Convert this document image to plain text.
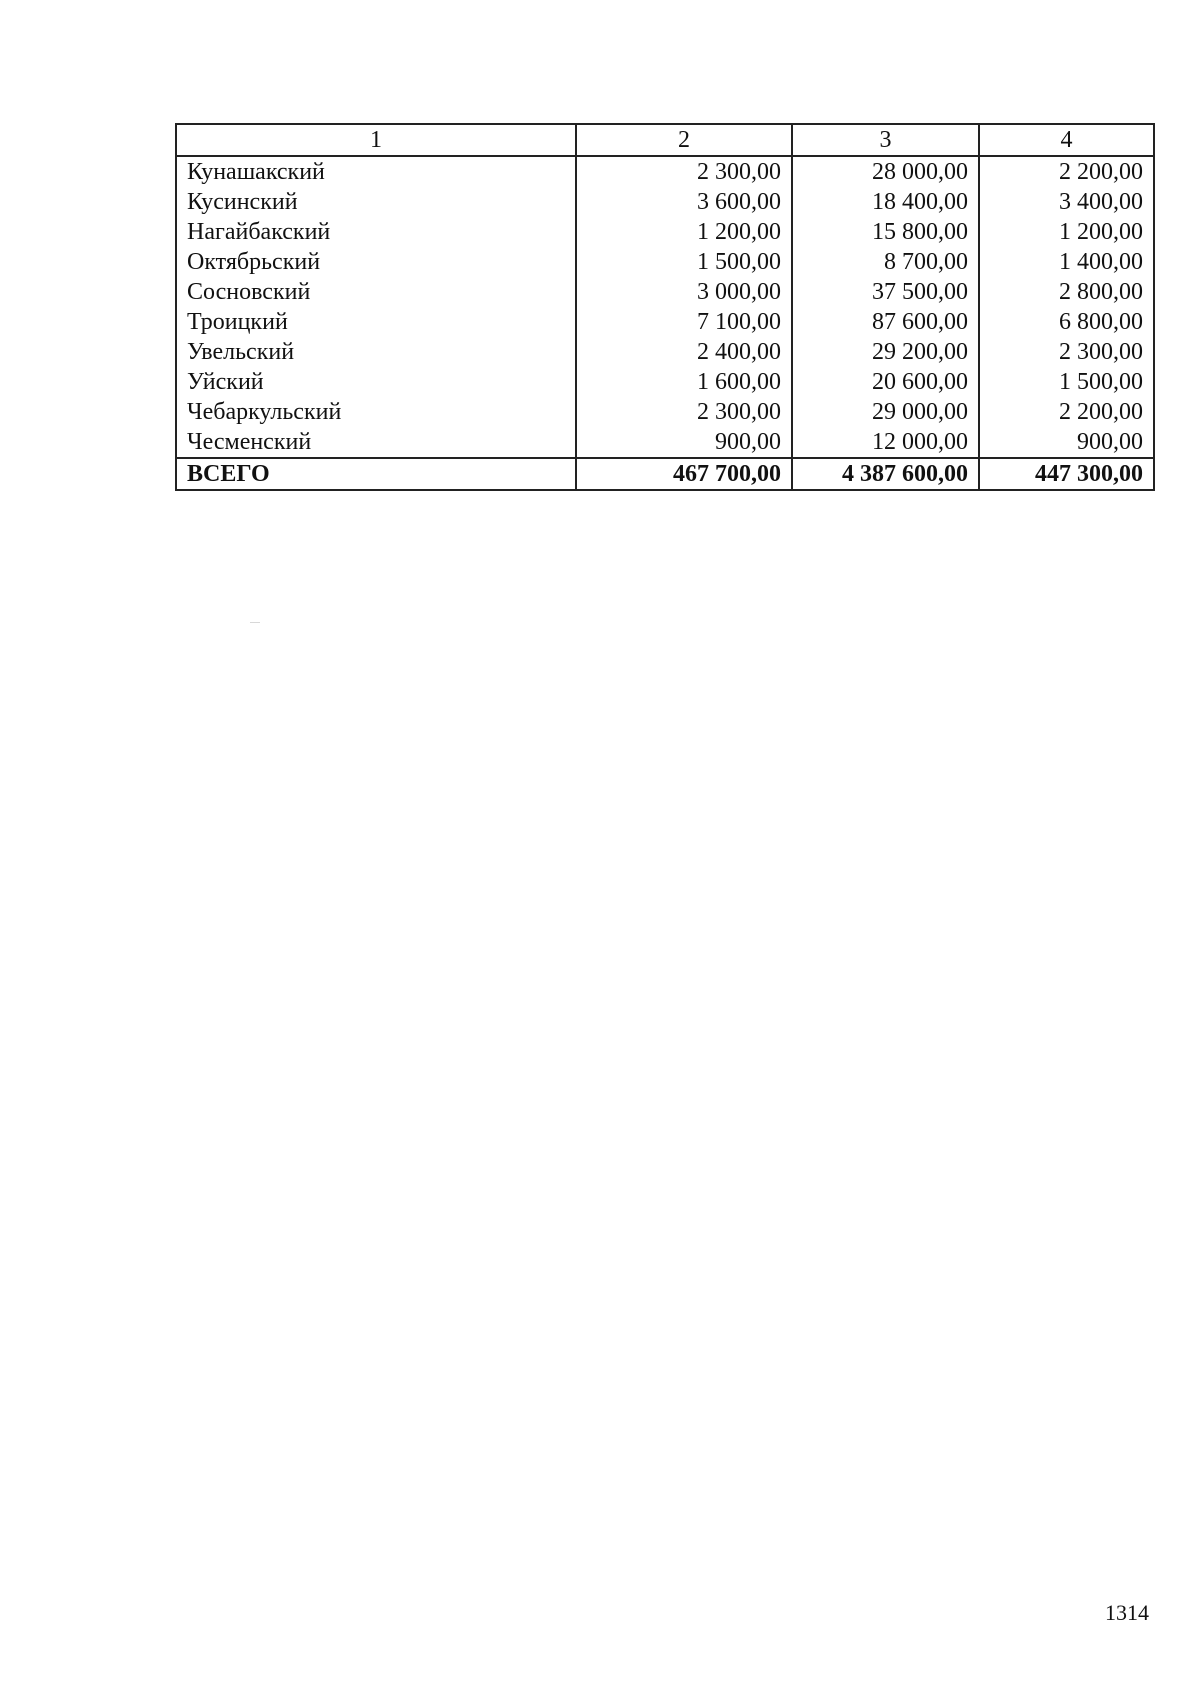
1	2	3	4
Кунашакский	2 300,00	28 000,00	2 200,00
Кусинский	3 600,00	18 400,00	3 400,00
Нагайбакский	1 200,00	15 800,00	1 200,00
Октябрьский	1 500,00	8 700,00	1 400,00
Сосновский	3 000,00	37 500,00	2 800,00
Троицкий	7 100,00	87 600,00	6 800,00
Увельский	2 400,00	29 200,00	2 300,00
Уйский	1 600,00	20 600,00	1 500,00
Чебаркульский	2 300,00	29 000,00	2 200,00
Чесменский	900,00	12 000,00	900,00
ВСЕГО	467 700,00	4 387 600,00	447 300,00
1314
